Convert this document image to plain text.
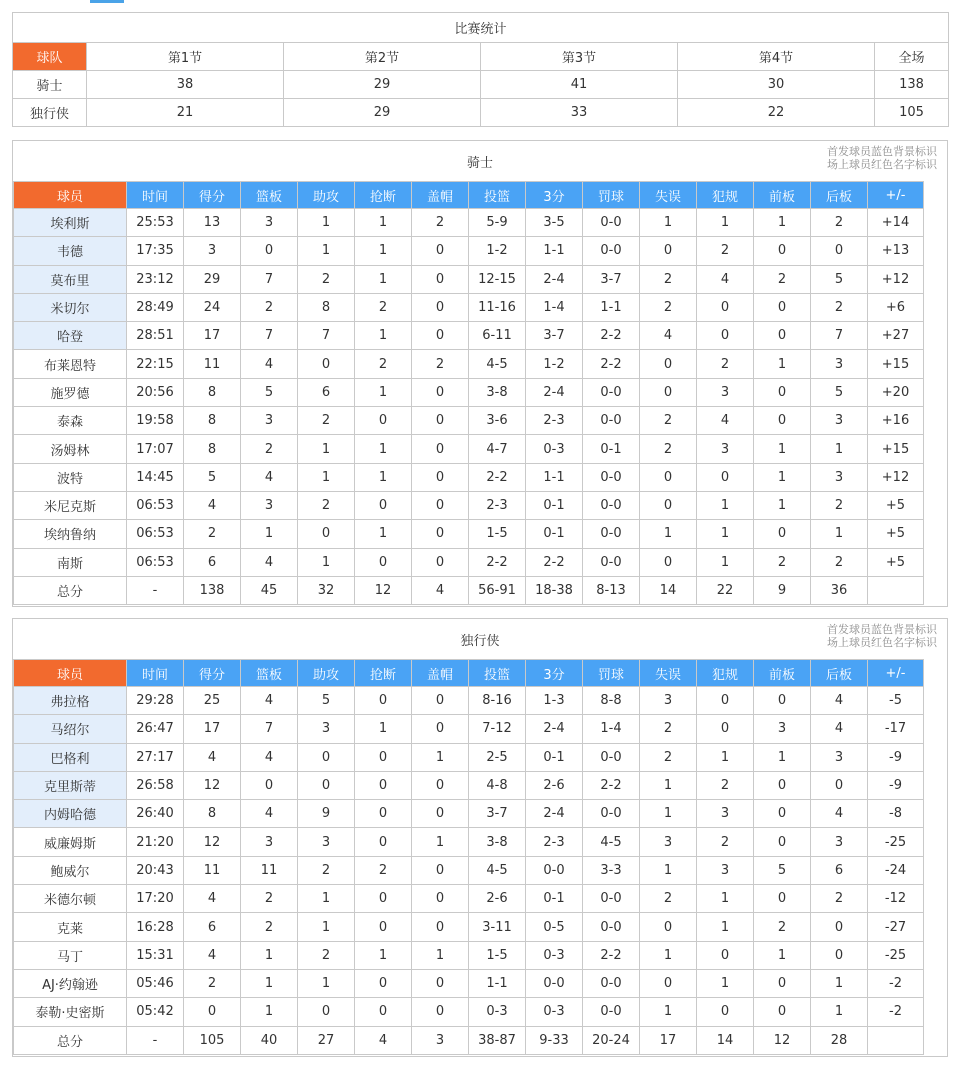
比赛统计					
球队	第1节	第2节	第3节	第4节	全场
骑士	38	29	41	30	138
独行侠	21	29	33	22	105
骑士
首发球员蓝色背景标识
场上球员红色名字标识
球员	时间	得分	篮板	助攻	抢断	盖帽	投篮	3分	罚球	失误	犯规	前板	后板	+/-
埃利斯	25:53	13	3	1	1	2	5-9	3-5	0-0	1	1	1	2	+14
韦德	17:35	3	0	1	1	0	1-2	1-1	0-0	0	2	0	0	+13
莫布里	23:12	29	7	2	1	0	12-15	2-4	3-7	2	4	2	5	+12
米切尔	28:49	24	2	8	2	0	11-16	1-4	1-1	2	0	0	2	+6
哈登	28:51	17	7	7	1	0	6-11	3-7	2-2	4	0	0	7	+27
布莱恩特	22:15	11	4	0	2	2	4-5	1-2	2-2	0	2	1	3	+15
施罗德	20:56	8	5	6	1	0	3-8	2-4	0-0	0	3	0	5	+20
泰森	19:58	8	3	2	0	0	3-6	2-3	0-0	2	4	0	3	+16
汤姆林	17:07	8	2	1	1	0	4-7	0-3	0-1	2	3	1	1	+15
波特	14:45	5	4	1	1	0	2-2	1-1	0-0	0	0	1	3	+12
米尼克斯	06:53	4	3	2	0	0	2-3	0-1	0-0	0	1	1	2	+5
埃纳鲁纳	06:53	2	1	0	1	0	1-5	0-1	0-0	1	1	0	1	+5
南斯	06:53	6	4	1	0	0	2-2	2-2	0-0	0	1	2	2	+5
总分	-	138	45	32	12	4	56-91	18-38	8-13	14	22	9	36	
独行侠
首发球员蓝色背景标识
场上球员红色名字标识
球员	时间	得分	篮板	助攻	抢断	盖帽	投篮	3分	罚球	失误	犯规	前板	后板	+/-
弗拉格	29:28	25	4	5	0	0	8-16	1-3	8-8	3	0	0	4	-5
马绍尔	26:47	17	7	3	1	0	7-12	2-4	1-4	2	0	3	4	-17
巴格利	27:17	4	4	0	0	1	2-5	0-1	0-0	2	1	1	3	-9
克里斯蒂	26:58	12	0	0	0	0	4-8	2-6	2-2	1	2	0	0	-9
内姆哈德	26:40	8	4	9	0	0	3-7	2-4	0-0	1	3	0	4	-8
威廉姆斯	21:20	12	3	3	0	1	3-8	2-3	4-5	3	2	0	3	-25
鲍威尔	20:43	11	11	2	2	0	4-5	0-0	3-3	1	3	5	6	-24
米德尔顿	17:20	4	2	1	0	0	2-6	0-1	0-0	2	1	0	2	-12
克莱	16:28	6	2	1	0	0	3-11	0-5	0-0	0	1	2	0	-27
马丁	15:31	4	1	2	1	1	1-5	0-3	2-2	1	0	1	0	-25
AJ·约翰逊	05:46	2	1	1	0	0	1-1	0-0	0-0	0	1	0	1	-2
泰勒·史密斯	05:42	0	1	0	0	0	0-3	0-3	0-0	1	0	0	1	-2
总分	-	105	40	27	4	3	38-87	9-33	20-24	17	14	12	28	
